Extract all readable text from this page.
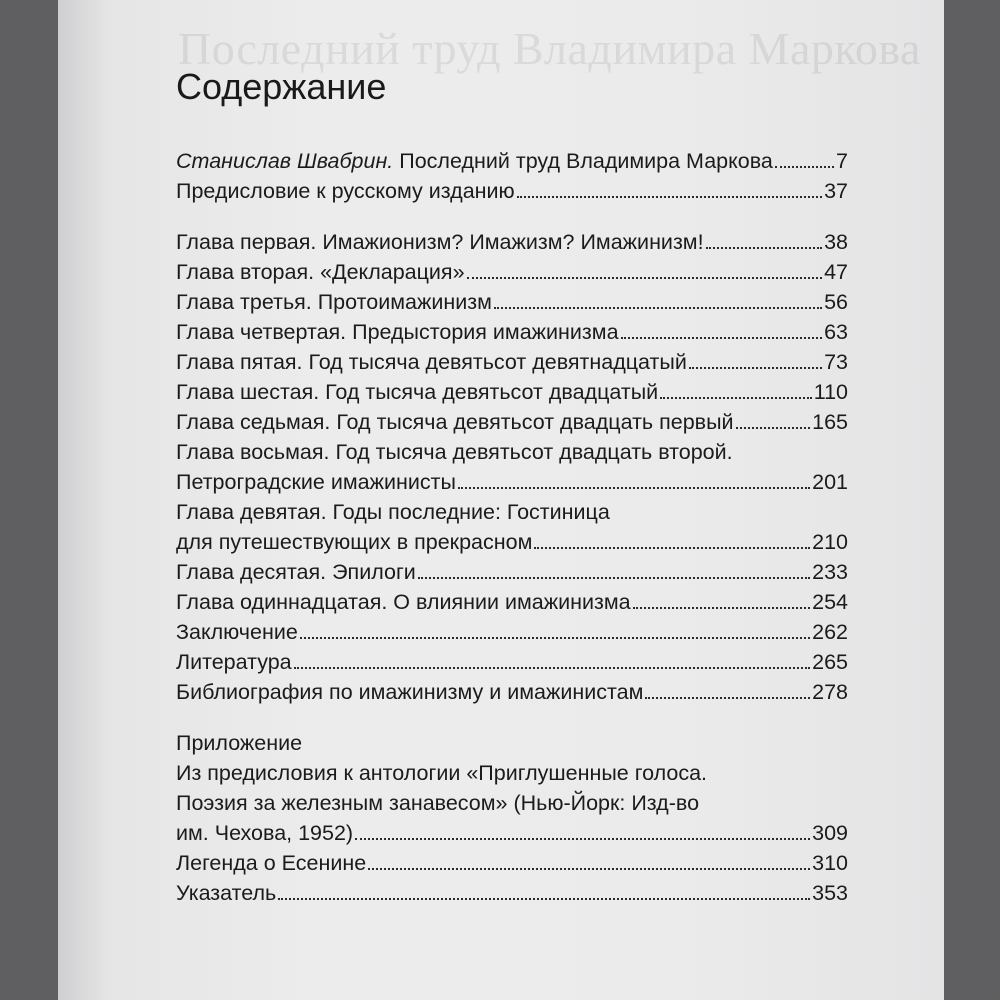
Последний труд Владимира Маркова
Содержание
Станислав Швабрин. Последний труд Владимира Маркова	7
Предисловие к русскому изданию	37
Глава первая. Имажионизм? Имажизм? Имажинизм!	38
Глава вторая. «Декларация»	47
Глава третья. Протоимажинизм	56
Глава четвертая. Предыстория имажинизма	63
Глава пятая. Год тысяча девятьсот девятнадцатый	73
Глава шестая. Год тысяча девятьсот двадцатый	110
Глава седьмая. Год тысяча девятьсот двадцать первый	165
Глава восьмая. Год тысяча девятьсот двадцать второй.
Петроградские имажинисты	201
Глава девятая. Годы последние: Гостиница
для путешествующих в прекрасном	210
Глава десятая. Эпилоги	233
Глава одиннадцатая. О влиянии имажинизма	254
Заключение	262
Литература	265
Библиография по имажинизму и имажинистам	278
Приложение
Из предисловия к антологии «Приглушенные голоса.
Поэзия за железным занавесом» (Нью-Йорк: Изд-во
им. Чехова, 1952)	309
Легенда о Есенине	310
Указатель	353
